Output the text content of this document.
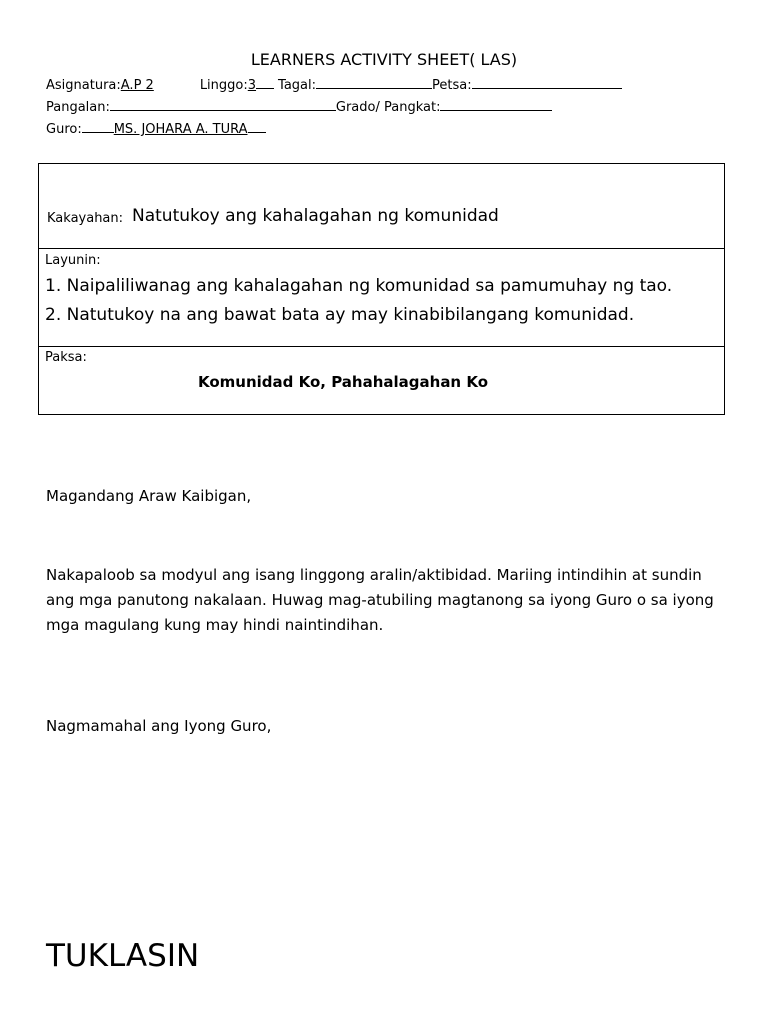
LEARNERS ACTIVITY SHEET( LAS)
Asignatura:A.P 2	Linggo:3 Tagal:	Petsa:
Pangalan:	Grado/ Pangkat:
Guro: MS. JOHARA A. TURA
Kakayahan: Natutukoy ang kahalagahan ng komunidad
Layunin:
1. Naipaliliwanag ang kahalagahan ng komunidad sa pamumuhay ng tao.
2. Natutukoy na ang bawat bata ay may kinabibilangang komunidad.
Paksa:
Komunidad Ko, Pahahalagahan Ko
Magandang Araw Kaibigan,
Nakapaloob sa modyul ang isang linggong aralin/aktibidad. Mariing intindihin at sundin ang mga panutong nakalaan. Huwag mag-atubiling magtanong sa iyong Guro o sa iyong mga magulang kung may hindi naintindihan.
Nagmamahal ang Iyong Guro,
TUKLASIN
